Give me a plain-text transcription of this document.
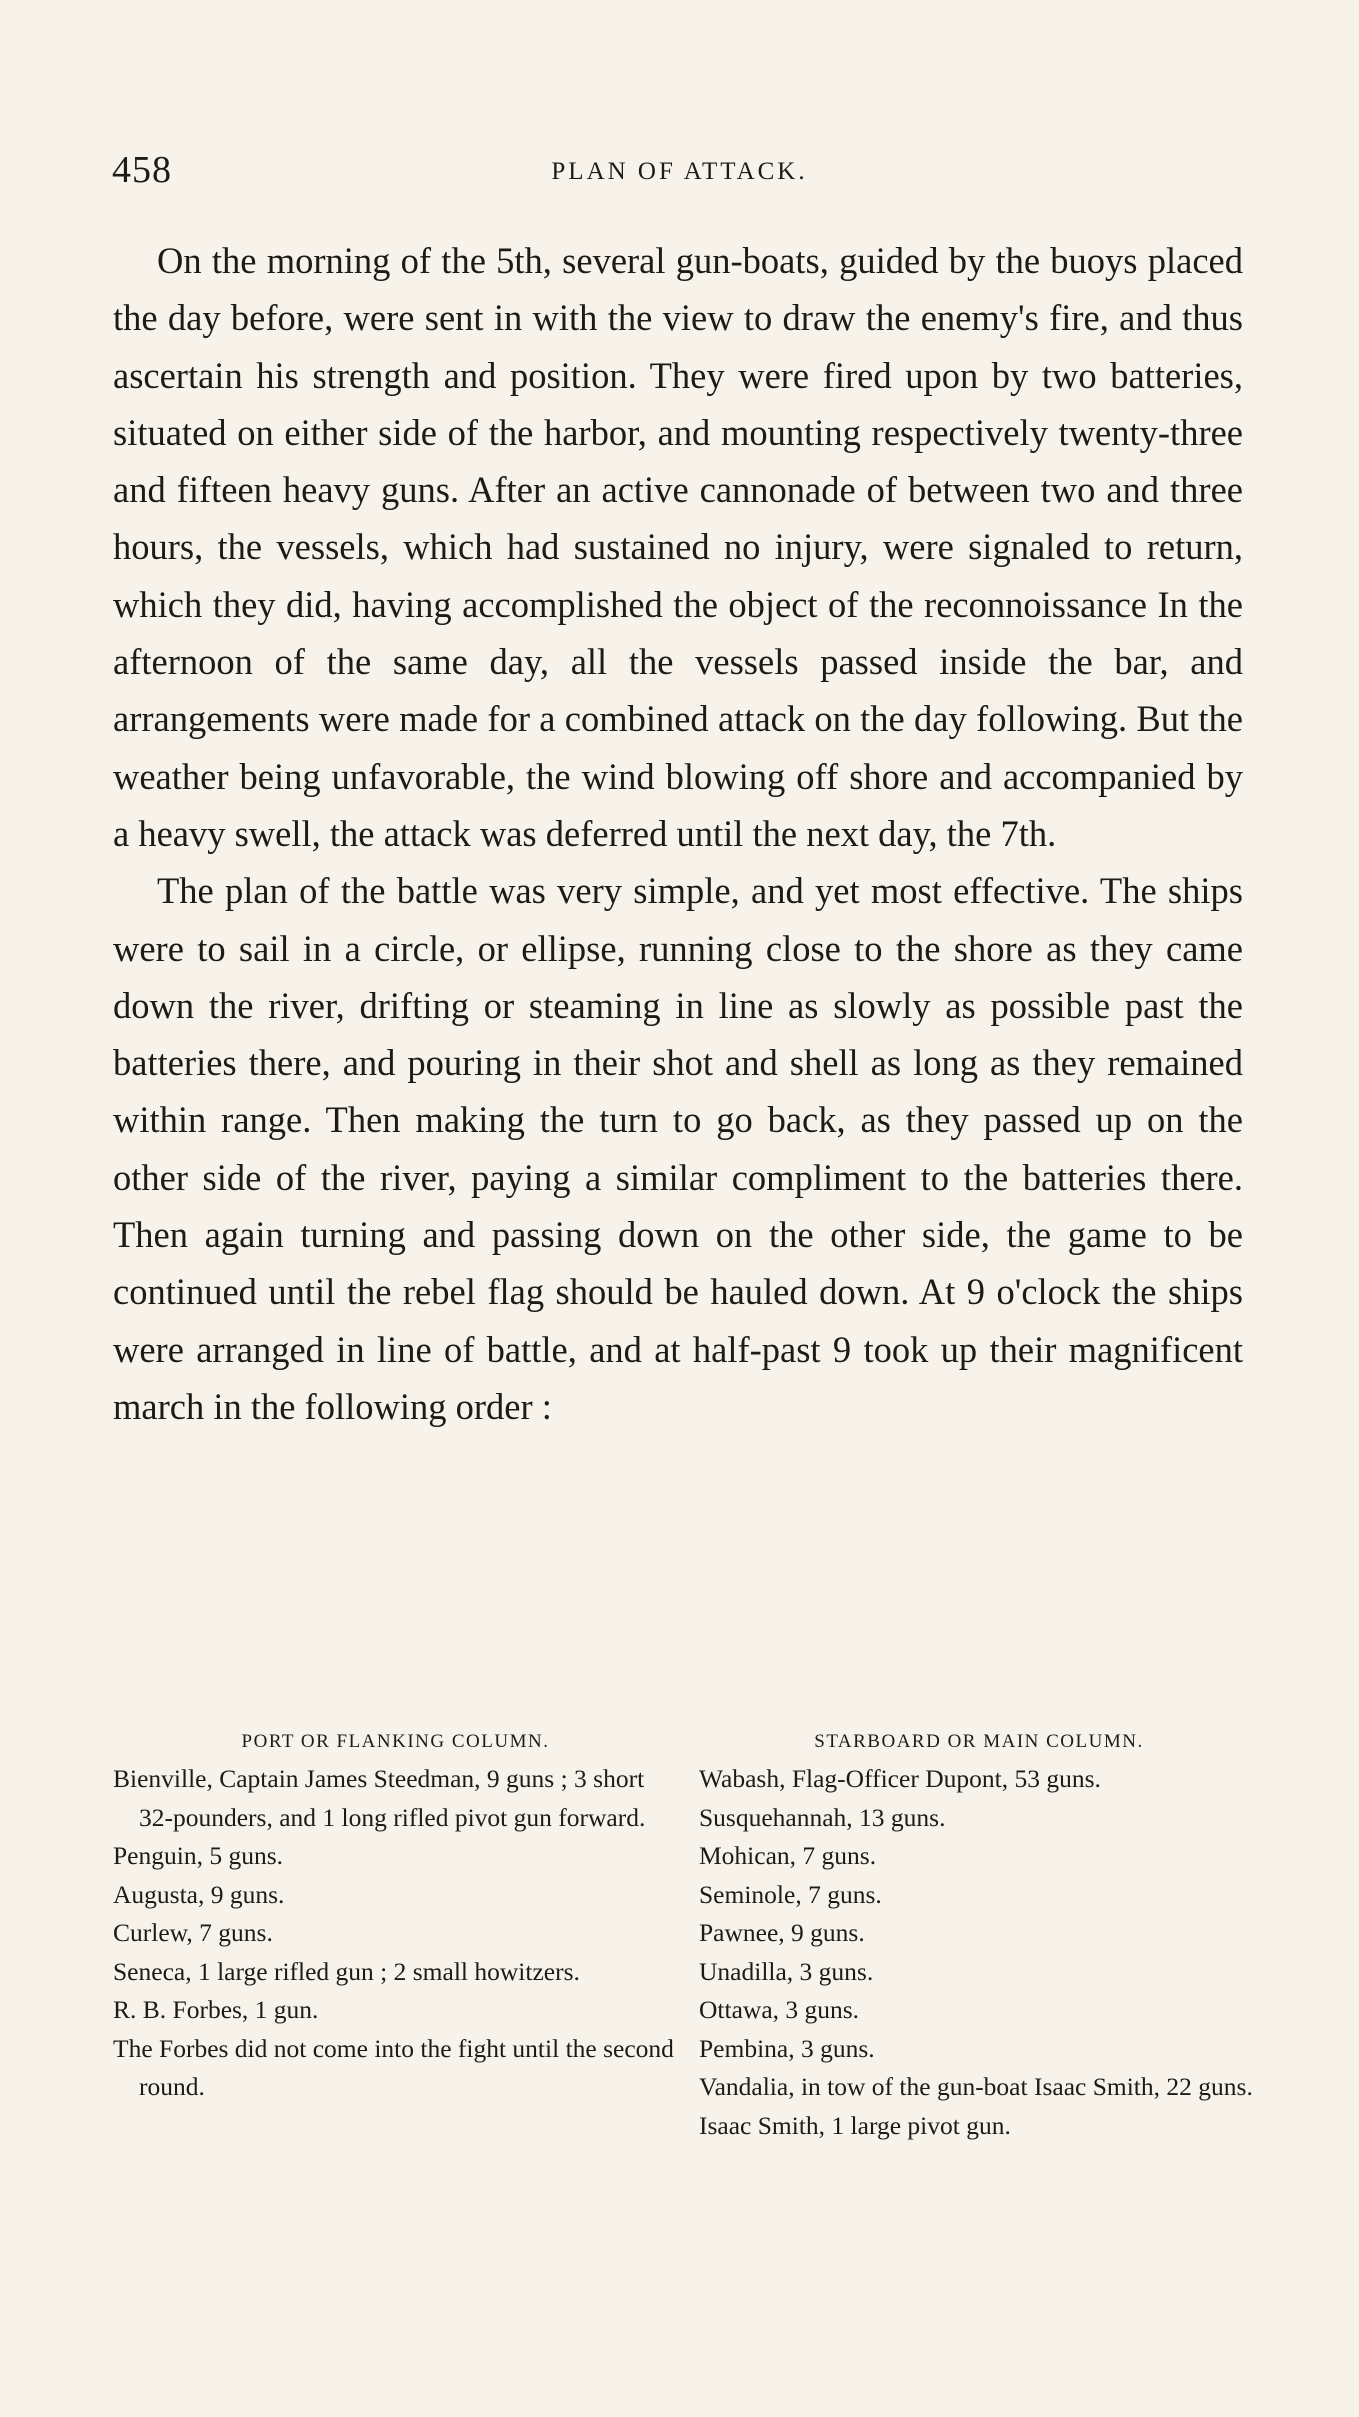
458	PLAN OF ATTACK.

On the morning of the 5th, several gun-boats, guided by the buoys placed the day before, were sent in with the view to draw the enemy's fire, and thus ascertain his strength and position. They were fired upon by two batteries, situated on either side of the harbor, and mounting respectively twenty-three and fifteen heavy guns. After an active cannonade of between two and three hours, the vessels, which had sustained no injury, were signaled to return, which they did, having accomplished the object of the reconnoissance In the afternoon of the same day, all the vessels passed inside the bar, and arrangements were made for a combined attack on the day following. But the weather being unfavorable, the wind blowing off shore and accompanied by a heavy swell, the attack was deferred until the next day, the 7th.

The plan of the battle was very simple, and yet most effective. The ships were to sail in a circle, or ellipse, running close to the shore as they came down the river, drifting or steaming in line as slowly as possible past the batteries there, and pouring in their shot and shell as long as they remained within range. Then making the turn to go back, as they passed up on the other side of the river, paying a similar compliment to the batteries there. Then again turning and passing down on the other side, the game to be continued until the rebel flag should be hauled down. At 9 o'clock the ships were arranged in line of battle, and at half-past 9 took up their magnificent march in the following order :

PORT OR FLANKING COLUMN.
Bienville, Captain James Steedman, 9 guns ; 3 short 32-pounders, and 1 long rifled pivot gun forward.
Penguin, 5 guns.
Augusta, 9 guns.
Curlew, 7 guns.
Seneca, 1 large rifled gun ; 2 small howitzers.
R. B. Forbes, 1 gun.
The Forbes did not come into the fight until the second round.
STARBOARD OR MAIN COLUMN.
Wabash, Flag-Officer Dupont, 53 guns.
Susquehannah, 13 guns.
Mohican, 7 guns.
Seminole, 7 guns.
Pawnee, 9 guns.
Unadilla, 3 guns.
Ottawa, 3 guns.
Pembina, 3 guns.
Vandalia, in tow of the gun-boat Isaac Smith, 22 guns.
Isaac Smith, 1 large pivot gun.
